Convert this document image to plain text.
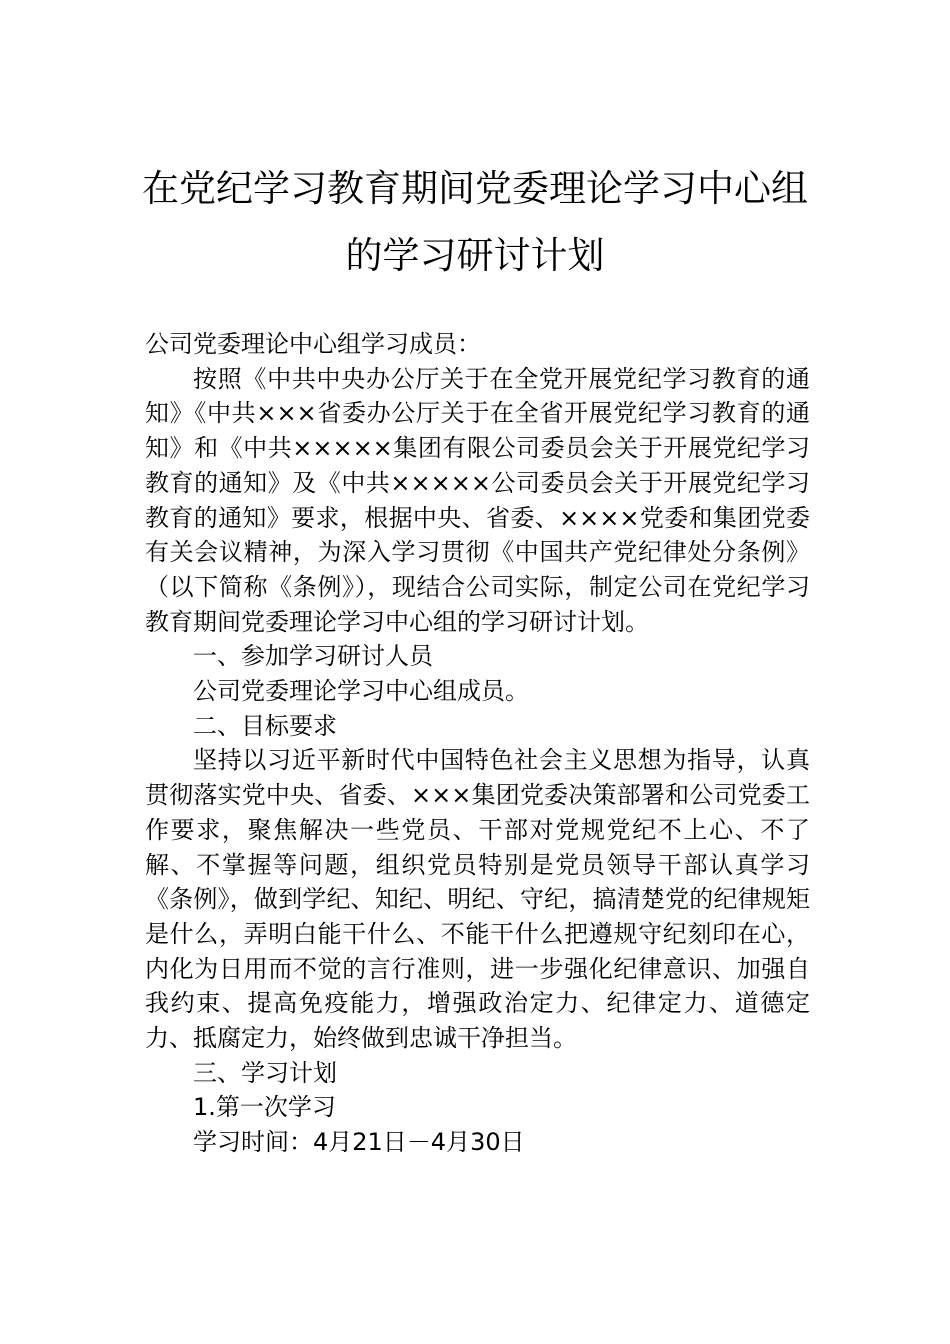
在党纪学习教育期间党委理论学习中心组
的学习研讨计划

公司党委理论中心组学习成员：

按照《中共中央办公厅关于在全党开展党纪学习教育的通知》《中共×××省委办公厅关于在全省开展党纪学习教育的通知》和《中共×××××集团有限公司委员会关于开展党纪学习教育的通知》及《中共×××××公司委员会关于开展党纪学习教育的通知》要求，根据中央、省委、××××党委和集团党委有关会议精神，为深入学习贯彻《中国共产党纪律处分条例》（以下简称《条例》），现结合公司实际，制定公司在党纪学习教育期间党委理论学习中心组的学习研讨计划。

一、参加学习研讨人员

公司党委理论学习中心组成员。

二、目标要求

坚持以习近平新时代中国特色社会主义思想为指导，认真贯彻落实党中央、省委、×××集团党委决策部署和公司党委工作要求，聚焦解决一些党员、干部对党规党纪不上心、不了解、不掌握等问题，组织党员特别是党员领导干部认真学习《条例》，做到学纪、知纪、明纪、守纪，搞清楚党的纪律规矩是什么，弄明白能干什么、不能干什么把遵规守纪刻印在心，内化为日用而不觉的言行准则，进一步强化纪律意识、加强自我约束、提高免疫能力，增强政治定力、纪律定力、道德定力、抵腐定力，始终做到忠诚干净担当。

三、学习计划

1.第一次学习

学习时间：4月21日－4月30日
